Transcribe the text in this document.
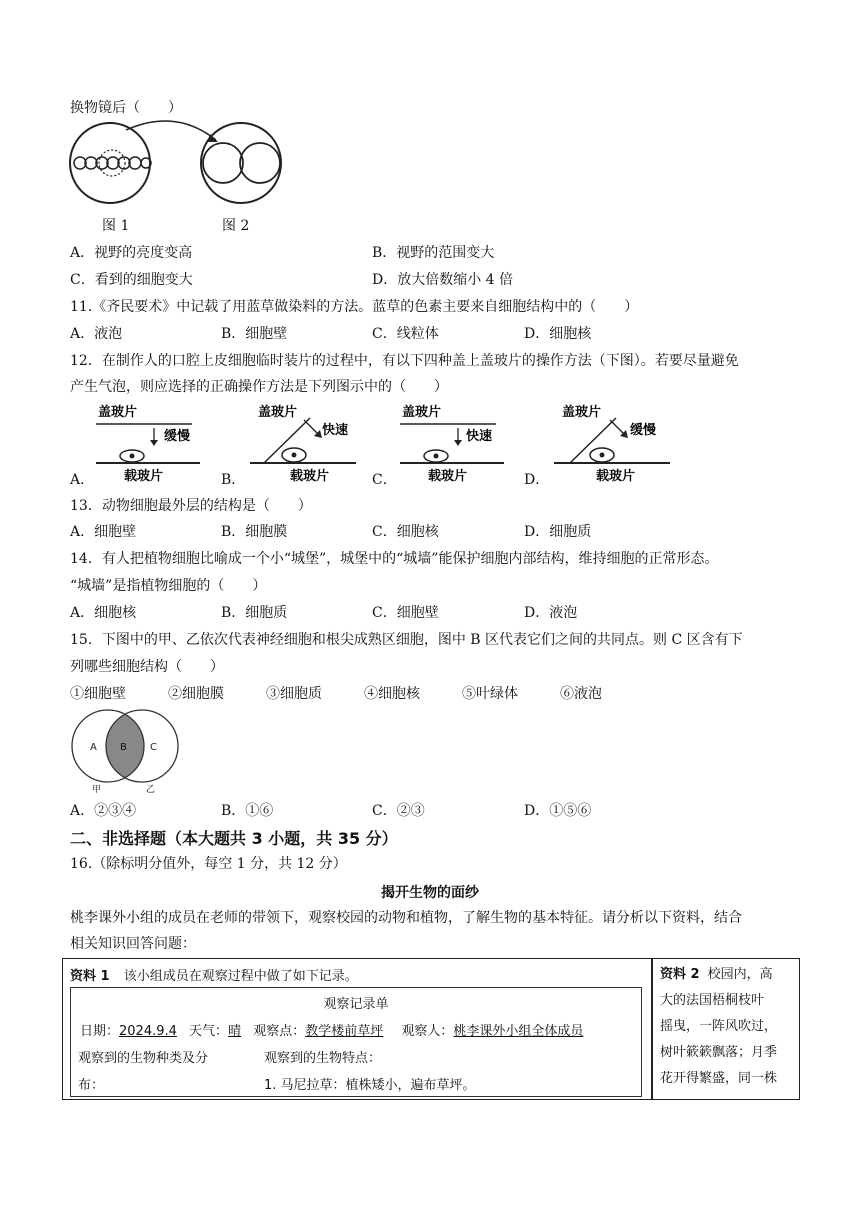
换物镜后（　　）
图 1	图 2
A．视野的亮度变高	B．视野的范围变大
C．看到的细胞变大	D．放大倍数缩小 4 倍
11.《齐民要术》中记载了用蓝草做染料的方法。蓝草的色素主要来自细胞结构中的（　　）
A．液泡	B．细胞壁	C．线粒体	D．细胞核
12．在制作人的口腔上皮细胞临时装片的过程中，有以下四种盖上盖玻片的操作方法（下图）。若要尽量避免
产生气泡，则应选择的正确操作方法是下列图示中的（　　）
盖玻片
缓慢
载玻片
盖玻片
快速
载玻片
盖玻片
快速
载玻片
盖玻片
缓慢
载玻片
A．	B．	C．	D．
13．动物细胞最外层的结构是（　　）
A．细胞壁	B．细胞膜	C．细胞核	D．细胞质
14．有人把植物细胞比喻成一个小“城堡”，城堡中的“城墙”能保护细胞内部结构，维持细胞的正常形态。
“城墙”是指植物细胞的（　　）
A．细胞核	B．细胞质	C．细胞壁	D．液泡
15．下图中的甲、乙依次代表神经细胞和根尖成熟区细胞，图中 B 区代表它们之间的共同点。则 C 区含有下
列哪些细胞结构（　　）
①细胞壁	②细胞膜	③细胞质	④细胞核	⑤叶绿体	⑥液泡
A B C
甲	乙
A．②③④	B．①⑥	C．②③	D．①⑤⑥
二、非选择题（本大题共 3 小题，共 35 分）
16.（除标明分值外，每空 1 分，共 12 分）
揭开生物的面纱
桃李课外小组的成员在老师的带领下，观察校园的动物和植物，了解生物的基本特征。请分析以下资料，结合
相关知识回答问题：
资料 1 该小组成员在观察过程中做了如下记录。
观察记录单
日期：2024.9.4 天气：晴 观察点：教学楼前草坪 观察人：桃李课外小组全体成员
观察到的生物种类及分
布：
观察到的生物特点：
1. 马尼拉草：植株矮小，遍布草坪。
资料 2 校园内，高
大的法国梧桐枝叶
摇曳，一阵风吹过，
树叶簌簌飘落；月季
花开得繁盛，同一株
